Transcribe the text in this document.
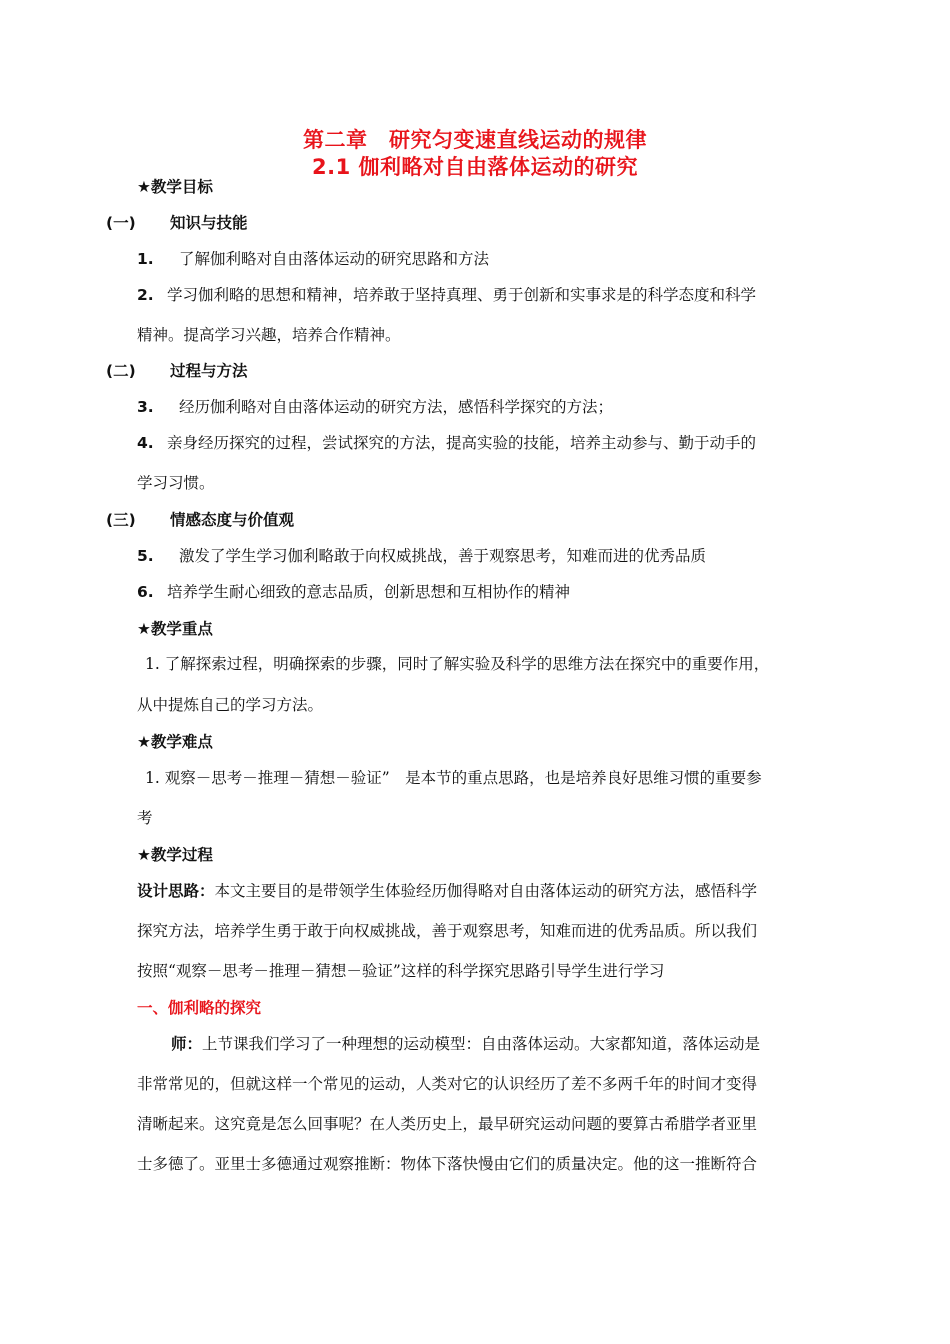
第二章　研究匀变速直线运动的规律
2.1 伽利略对自由落体运动的研究
★教学目标
(一) 知识与技能
1. 了解伽利略对自由落体运动的研究思路和方法
2. 学习伽利略的思想和精神，培养敢于坚持真理、勇于创新和实事求是的科学态度和科学
精神。提高学习兴趣，培养合作精神。
(二) 过程与方法
3. 经历伽利略对自由落体运动的研究方法，感悟科学探究的方法；
4. 亲身经历探究的过程，尝试探究的方法，提高实验的技能，培养主动参与、勤于动手的
学习习惯。
(三) 情感态度与价值观
5. 激发了学生学习伽利略敢于向权威挑战，善于观察思考，知难而进的优秀品质
6. 培养学生耐心细致的意志品质，创新思想和互相协作的精神
★教学重点
1. 了解探索过程，明确探索的步骤，同时了解实验及科学的思维方法在探究中的重要作用，
从中提炼自己的学习方法。
★教学难点
1. 观察－思考－推理－猜想－验证”　是本节的重点思路，也是培养良好思维习惯的重要参
考
★教学过程
设计思路：本文主要目的是带领学生体验经历伽得略对自由落体运动的研究方法，感悟科学
探究方法，培养学生勇于敢于向权威挑战，善于观察思考，知难而进的优秀品质。所以我们
按照“观察－思考－推理－猜想－验证”这样的科学探究思路引导学生进行学习
一、伽利略的探究
师：上节课我们学习了一种理想的运动模型：自由落体运动。大家都知道，落体运动是
非常常见的，但就这样一个常见的运动，人类对它的认识经历了差不多两千年的时间才变得
清晰起来。这究竟是怎么回事呢？在人类历史上，最早研究运动问题的要算古希腊学者亚里
士多德了。亚里士多德通过观察推断：物体下落快慢由它们的质量决定。他的这一推断符合
